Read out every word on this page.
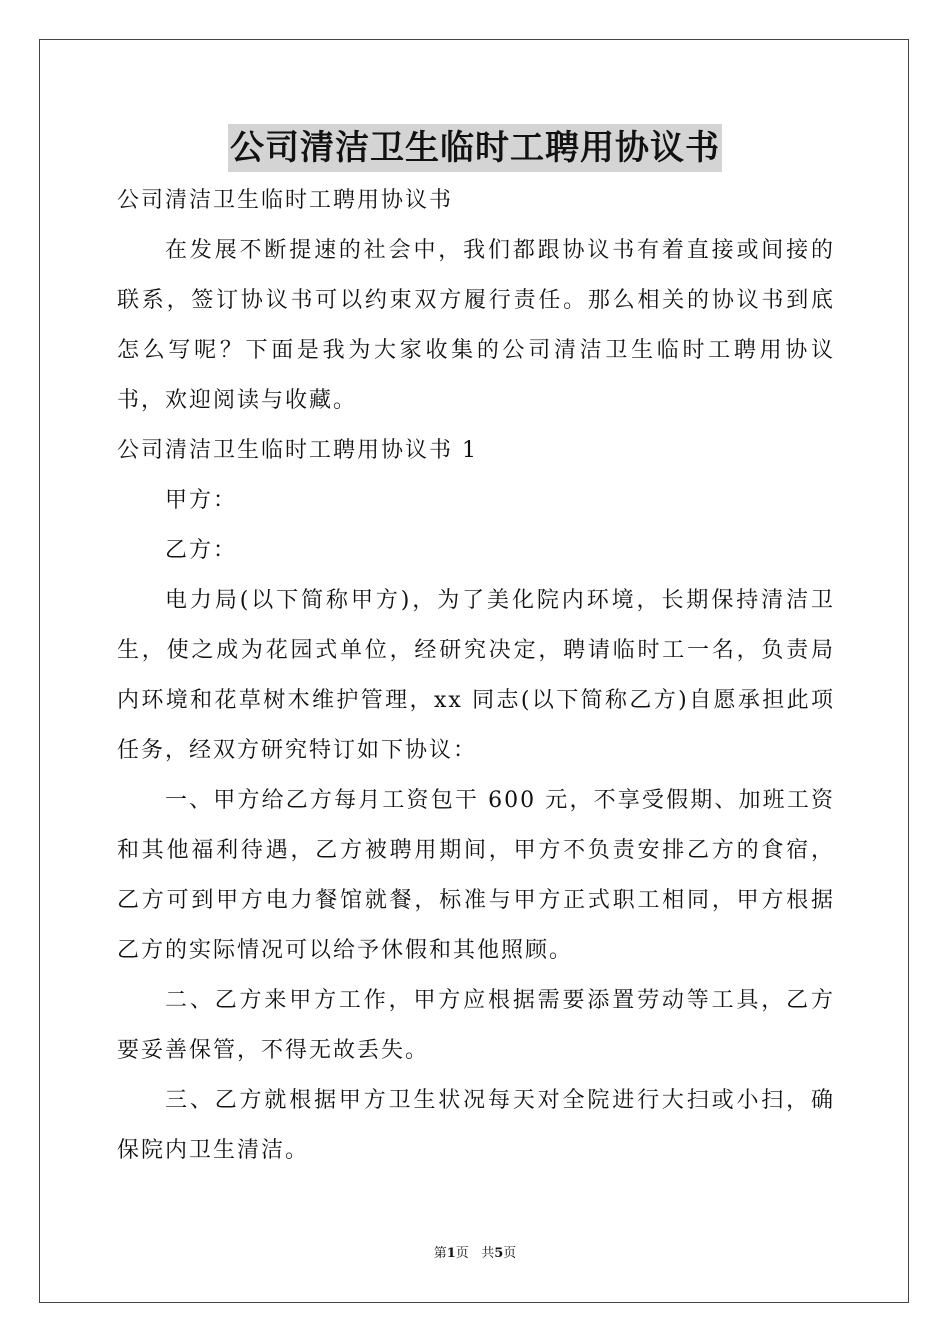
公司清洁卫生临时工聘用协议书

公司清洁卫生临时工聘用协议书

在发展不断提速的社会中，我们都跟协议书有着直接或间接的联系，签订协议书可以约束双方履行责任。那么相关的协议书到底怎么写呢？下面是我为大家收集的公司清洁卫生临时工聘用协议书，欢迎阅读与收藏。

公司清洁卫生临时工聘用协议书 1

甲方：

乙方：

电力局(以下简称甲方)，为了美化院内环境，长期保持清洁卫生，使之成为花园式单位，经研究决定，聘请临时工一名，负责局内环境和花草树木维护管理，xx 同志(以下简称乙方)自愿承担此项任务，经双方研究特订如下协议：

一、甲方给乙方每月工资包干 600 元，不享受假期、加班工资和其他福利待遇，乙方被聘用期间，甲方不负责安排乙方的食宿，乙方可到甲方电力餐馆就餐，标准与甲方正式职工相同，甲方根据乙方的实际情况可以给予休假和其他照顾。

二、乙方来甲方工作，甲方应根据需要添置劳动等工具，乙方要妥善保管，不得无故丢失。

三、乙方就根据甲方卫生状况每天对全院进行大扫或小扫，确保院内卫生清洁。

第1页 共5页
